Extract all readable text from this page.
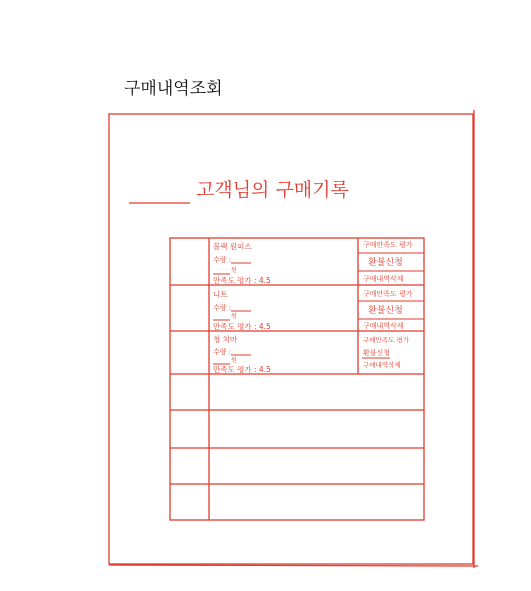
구매내역조회
고객님의 구매기록
블랙 원피스
수량 :
원
만족도 평가 : 4.5
구매만족도 평가
환불신청
구매내역삭제
니트
수량 :
원
만족도 평가 : 4.5
구매만족도 평가
환불신청
구매내역삭제
청 치마
수량 :
원
만족도 평가 : 4.5
구매만족도 평가
환불신청
구매내역삭제
